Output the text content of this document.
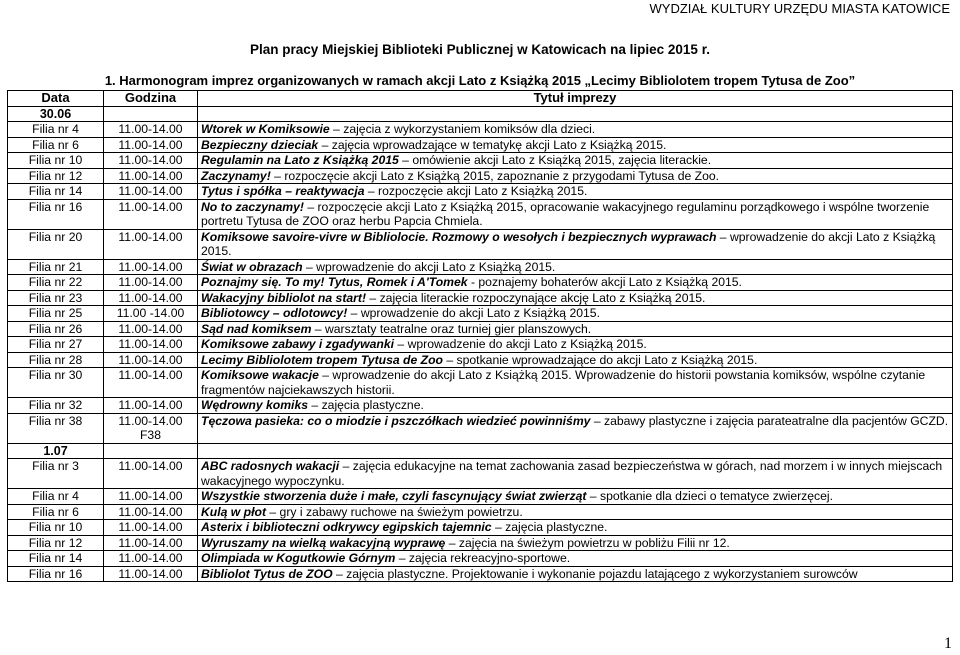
WYDZIAŁ KULTURY URZĘDU MIASTA KATOWICE
Plan pracy Miejskiej Biblioteki Publicznej w Katowicach na lipiec 2015 r.
1. Harmonogram imprez organizowanych w ramach akcji Lato z Książką 2015 „Lecimy Bibliolotem tropem Tytusa de Zoo”
Data	Godzina	Tytuł imprezy
30.06		
Filia nr 4	11.00-14.00	Wtorek w Komiksowie – zajęcia z wykorzystaniem komiksów dla dzieci.
Filia nr 6	11.00-14.00	Bezpieczny dzieciak – zajęcia wprowadzające w tematykę akcji Lato z Książką 2015.
Filia nr 10	11.00-14.00	Regulamin na Lato z Książką 2015 – omówienie akcji Lato z Książką 2015, zajęcia literackie.
Filia nr 12	11.00-14.00	Zaczynamy! – rozpoczęcie akcji Lato z Książką 2015, zapoznanie z przygodami Tytusa de Zoo.
Filia nr 14	11.00-14.00	Tytus i spółka – reaktywacja – rozpoczęcie akcji Lato z Książką 2015.
Filia nr 16	11.00-14.00	No to zaczynamy! – rozpoczęcie akcji Lato z Książką 2015, opracowanie wakacyjnego regulaminu porządkowego i wspólne tworzenie portretu Tytusa de ZOO oraz herbu Papcia Chmiela.
Filia nr 20	11.00-14.00	Komiksowe savoire-vivre w Bibliolocie. Rozmowy o wesołych i bezpiecznych wyprawach – wprowadzenie do akcji Lato z Książką 2015.
Filia nr 21	11.00-14.00	Świat w obrazach – wprowadzenie do akcji Lato z Książką 2015.
Filia nr 22	11.00-14.00	Poznajmy się. To my! Tytus, Romek i A'Tomek - poznajemy bohaterów akcji Lato z Książką 2015.
Filia nr 23	11.00-14.00	Wakacyjny bibliolot na start! – zajęcia literackie rozpoczynające akcję Lato z Książką 2015.
Filia nr 25	11.00 -14.00	Bibliotowcy – odlotowcy! – wprowadzenie do akcji Lato z Książką 2015.
Filia nr 26	11.00-14.00	Sąd nad komiksem – warsztaty teatralne oraz turniej gier planszowych.
Filia nr 27	11.00-14.00	Komiksowe zabawy i zgadywanki – wprowadzenie do akcji Lato z Książką 2015.
Filia nr 28	11.00-14.00	Lecimy Bibliolotem tropem Tytusa de Zoo – spotkanie wprowadzające do akcji Lato z Książką 2015.
Filia nr 30	11.00-14.00	Komiksowe wakacje – wprowadzenie do akcji Lato z Książką 2015. Wprowadzenie do historii powstania komiksów, wspólne czytanie fragmentów najciekawszych historii.
Filia nr 32	11.00-14.00	Wędrowny komiks – zajęcia plastyczne.
Filia nr 38	11.00-14.00 F38	Tęczowa pasieka: co o miodzie i pszczółkach wiedzieć powinniśmy – zabawy plastyczne i zajęcia parateatralne dla pacjentów GCZD.
1.07		
Filia nr 3	11.00-14.00	ABC radosnych wakacji – zajęcia edukacyjne na temat zachowania zasad bezpieczeństwa w górach, nad morzem i w innych miejscach wakacyjnego wypoczynku.
Filia nr 4	11.00-14.00	Wszystkie stworzenia duże i małe, czyli fascynujący świat zwierząt – spotkanie dla dzieci o tematyce zwierzęcej.
Filia nr 6	11.00-14.00	Kulą w płot – gry i zabawy ruchowe na świeżym powietrzu.
Filia nr 10	11.00-14.00	Asterix i biblioteczni odkrywcy egipskich tajemnic – zajęcia plastyczne.
Filia nr 12	11.00-14.00	Wyruszamy na wielką wakacyjną wyprawę – zajęcia na świeżym powietrzu w pobliżu Filii nr 12.
Filia nr 14	11.00-14.00	Olimpiada w Kogutkowie Górnym – zajęcia rekreacyjno-sportowe.
Filia nr 16	11.00-14.00	Bibliolot Tytus de ZOO – zajęcia plastyczne. Projektowanie i wykonanie pojazdu latającego z wykorzystaniem surowców
1
